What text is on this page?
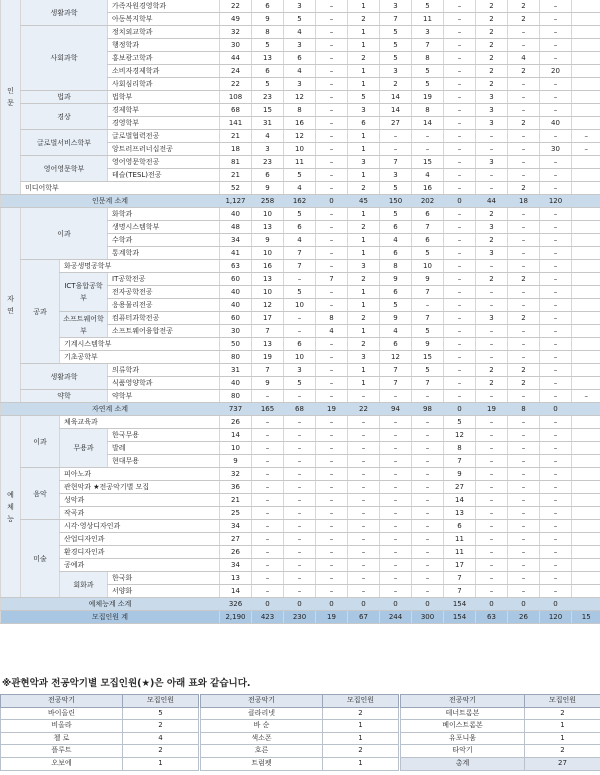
인
문	생활과학		가족자원경영학과	22	6	3	–	1	3	5	–	2	2	–	
			아동복지학부	49	9	5	–	2	7	11	–	2	2	–	
	사회과학		정치외교학과	32	8	4	–	1	5	3	–	2	–	–	
			행정학과	30	5	3	–	1	5	7	–	2	–	–	
			홍보광고학과	44	13	6	–	2	5	8	–	2	4	–	
			소비자경제학과	24	6	4	–	1	3	5	–	2	2	20	
			사회심리학과	22	5	3	–	1	2	5	–	2	–	–	
	법과		법학부	108	23	12	–	5	14	19	–	3	–	–	
	경상		경제학부	68	15	8	–	3	14	8	–	3	–	–	
			경영학부	141	31	16	–	6	27	14	–	3	2	40	
	글로벌서비스학부		글로벌협력전공	21	4	12	–	1	–	–	–	–	–	–	–
			앙트러프러너십전공	18	3	10	–	1	–	–	–	–	–	30	–
	영어영문학부		영어영문학전공	81	23	11	–	3	7	15	–	3	–	–	
			테슬(TESL)전공	21	6	5	–	1	3	4	–	–	–	–	
	미디어학부			52	9	4	–	2	5	16	–	–	2	–	
인문계 소계				1,127	258	162	0	45	150	202	0	44	18	120	
자
연	이과		화학과	40	10	5	–	1	5	6	–	2	–	–	
			생명시스템학부	48	13	6	–	2	6	7	–	3	–	–	
			수학과	34	9	4	–	1	4	6	–	2	–	–	
			통계학과	41	10	7	–	1	6	5	–	3	–	–	
	공과	화공생명공학부		63	16	7	–	3	8	10	–	–	–	–	
		ICT융합공학부	IT공학전공	60	13	–	7	2	9	9	–	2	2	–	
			전자공학전공	40	10	5	–	1	6	7	–	–	–	–	
			응용물리전공	40	12	10	–	1	5	–	–	–	–	–	
		소프트웨어학부	컴퓨터과학전공	60	17	–	8	2	9	7	–	3	2	–	
			소프트웨어융합전공	30	7	–	4	1	4	5	–	–	–	–	
		기계시스템학부		50	13	6	–	2	6	9	–	–	–	–	
		기초공학부		80	19	10	–	3	12	15	–	–	–	–	
	생활과학		의류학과	31	7	3	–	1	7	5	–	2	2	–	
			식품영양학과	40	9	5	–	1	7	7	–	2	2	–	
	약학		약학부	80	–	–	–	–	–	–	–	–	–	–	–
자연계 소계				737	165	68	19	22	94	98	0	19	8	0	
예
체
능	이과	체육교육과		26	–	–	–	–	–	–	5	–	–	–	
		무용과	한국무용	14	–	–	–	–	–	–	12	–	–	–	
			발레	10	–	–	–	–	–	–	8	–	–	–	
			현대무용	9	–	–	–	–	–	–	7	–	–	–	
	음악	피아노과		32	–	–	–	–	–	–	9	–	–	–	
		관현악과 ★전공악기별 모집		36	–	–	–	–	–	–	27	–	–	–	
		성악과		21	–	–	–	–	–	–	14	–	–	–	
		작곡과		25	–	–	–	–	–	–	13	–	–	–	
	미술	시각·영상디자인과		34	–	–	–	–	–	–	6	–	–	–	
		산업디자인과		27	–	–	–	–	–	–	11	–	–	–	
		환경디자인과		26	–	–	–	–	–	–	11	–	–	–	
		공예과		34	–	–	–	–	–	–	17	–	–	–	
		회화과	한국화	13	–	–	–	–	–	–	7	–	–	–	
			서양화	14	–	–	–	–	–	–	7	–	–	–	
예체능계 소계				326	0	0	0	0	0	0	154	0	0	0	
모집인원 계				2,190	423	230	19	67	244	300	154	63	26	120	15
※관현악과 전공악기별 모집인원(★)은 아래 표와 같습니다.
전공악기	모집인원
바이올린	5
비올라	2
첼 로	4
플루트	2
오보에	1
전공악기	모집인원
클라리넷	2
바 순	1
색소폰	1
호른	2
트럼펫	1
전공악기	모집인원
테너트롬본	2
베이스트롬본	1
유포니움	1
타악기	2
총계	27
